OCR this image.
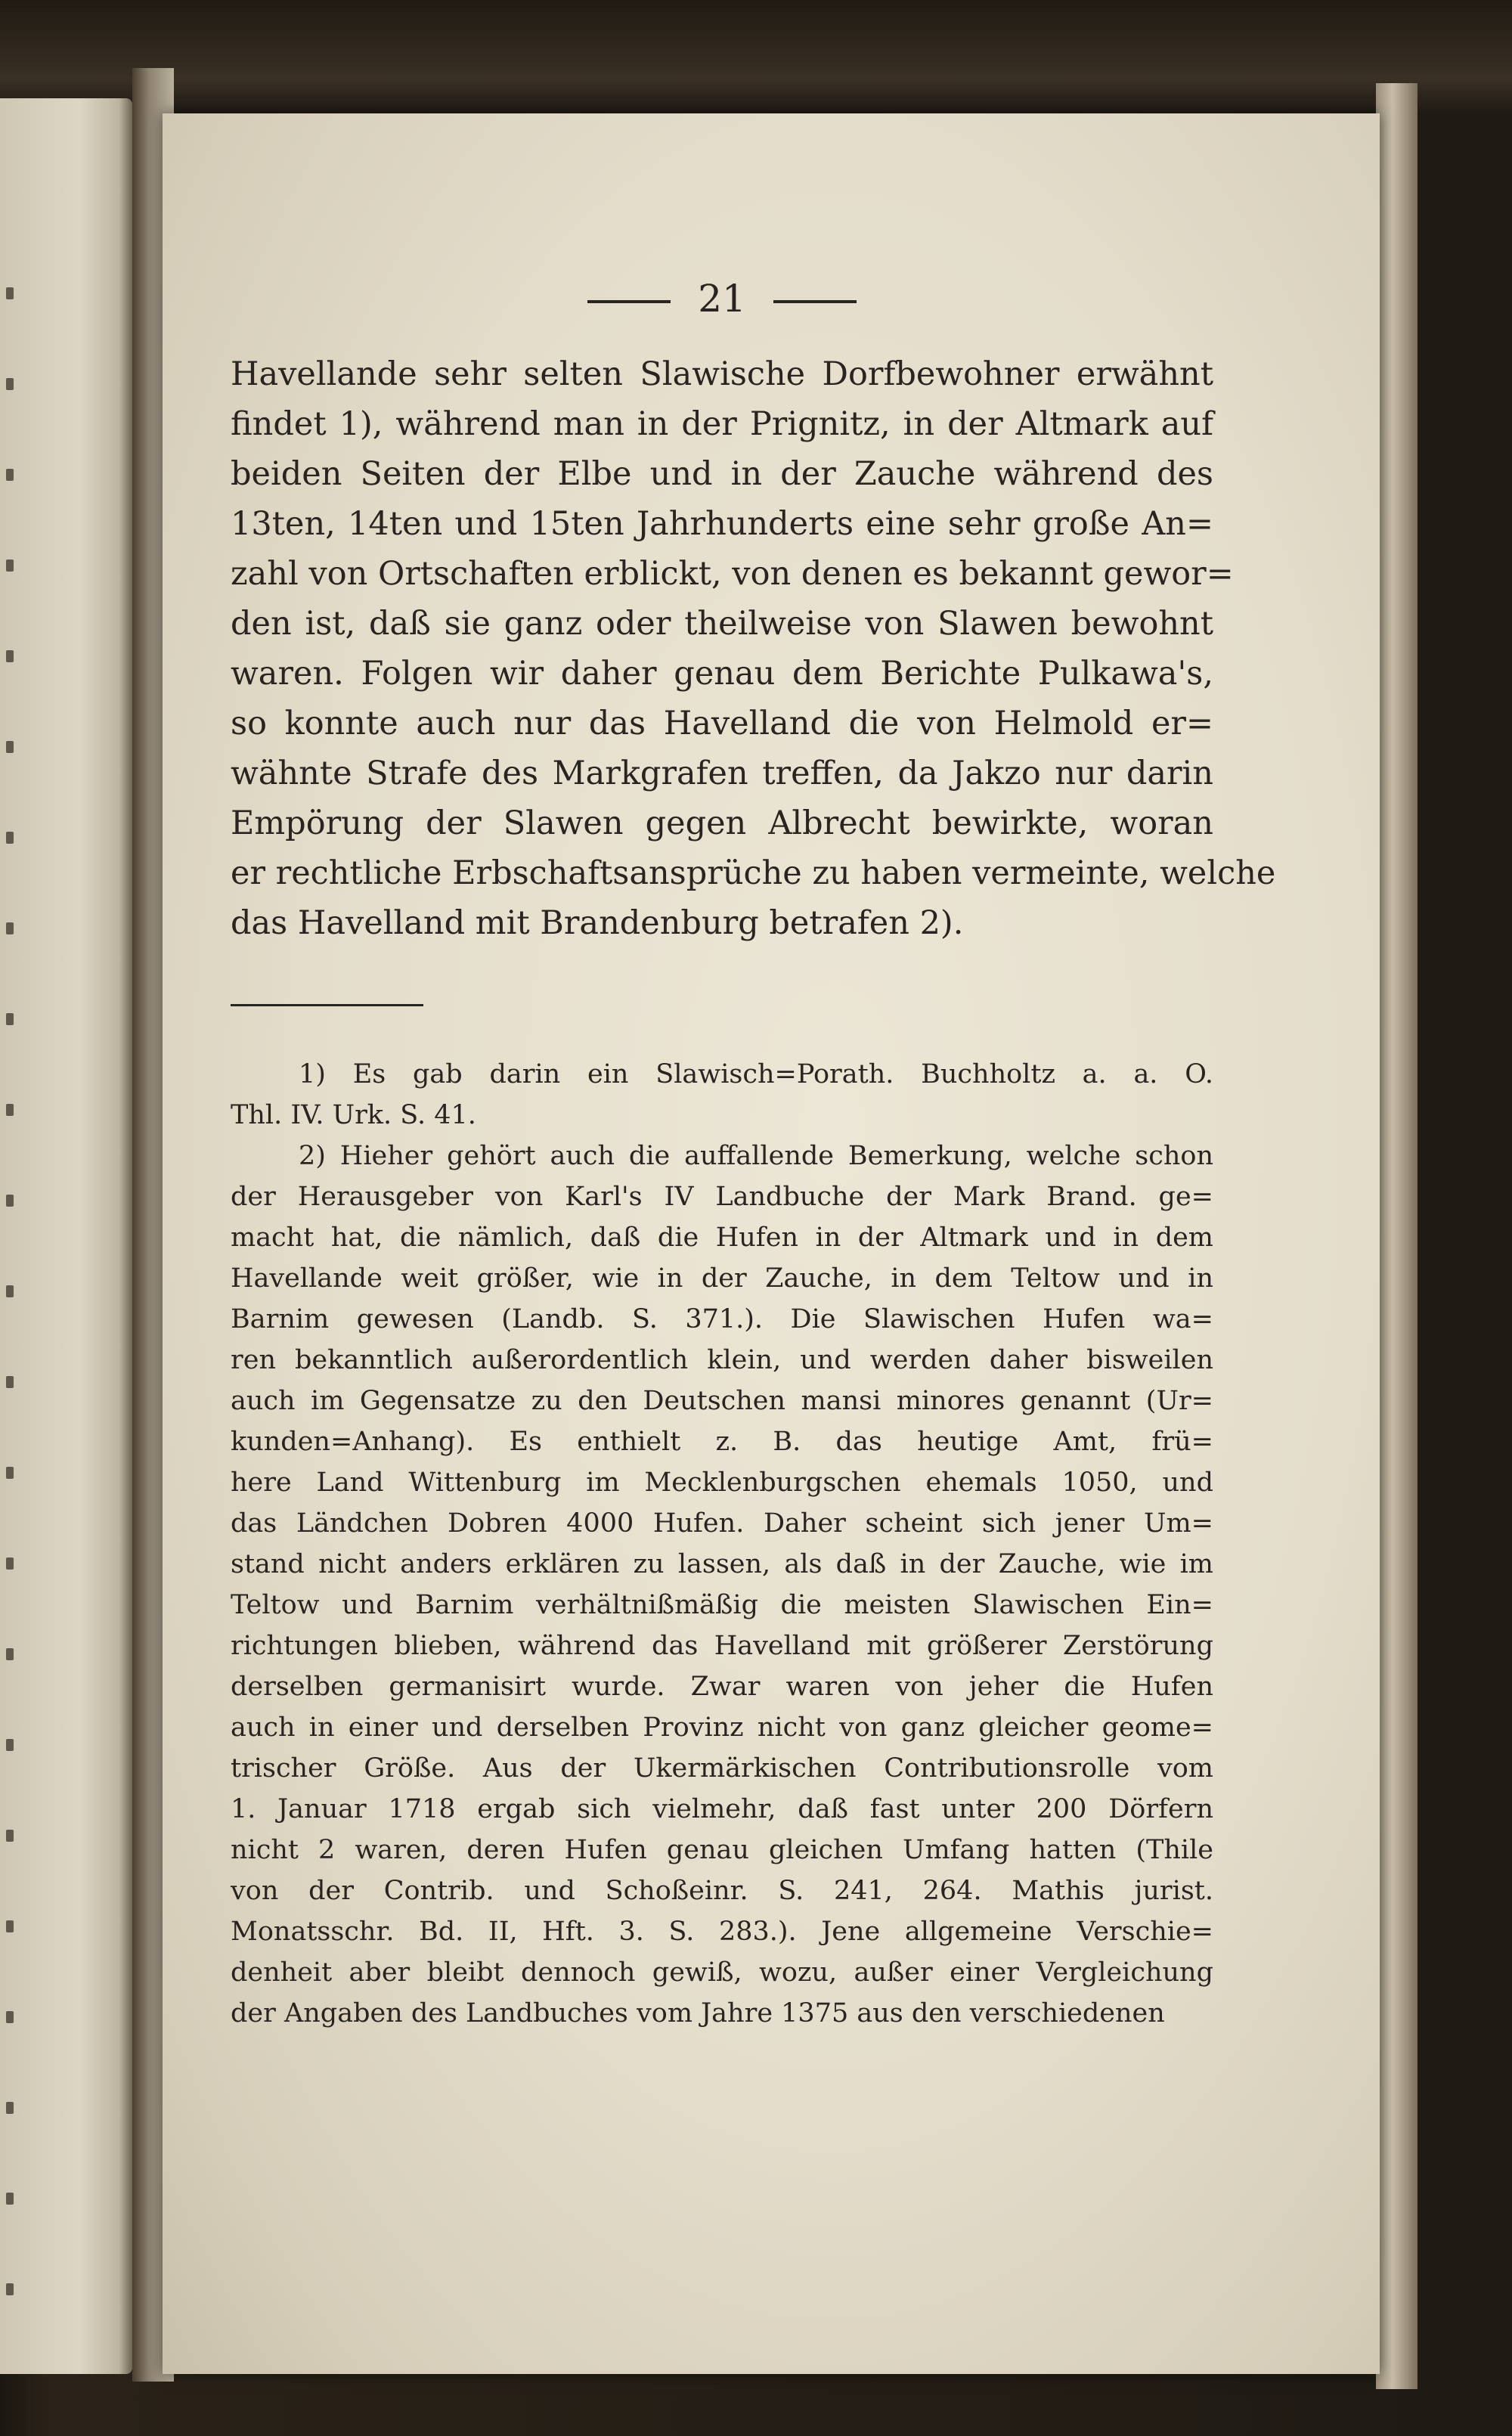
21
Havellande sehr selten Slawische Dorfbewohner erwähnt
findet 1), während man in der Prignitz, in der Altmark auf
beiden Seiten der Elbe und in der Zauche während des
13ten, 14ten und 15ten Jahrhunderts eine sehr große An=
zahl von Ortschaften erblickt, von denen es bekannt gewor=
den ist, daß sie ganz oder theilweise von Slawen bewohnt
waren. Folgen wir daher genau dem Berichte Pulkawa's,
so konnte auch nur das Havelland die von Helmold er=
wähnte Strafe des Markgrafen treffen, da Jakzo nur darin
Empörung der Slawen gegen Albrecht bewirkte, woran
er rechtliche Erbschaftsansprüche zu haben vermeinte, welche
das Havelland mit Brandenburg betrafen 2).
1) Es gab darin ein Slawisch=Porath. Buchholtz a. a. O.
Thl. IV. Urk. S. 41.
2) Hieher gehört auch die auffallende Bemerkung, welche schon
der Herausgeber von Karl's IV Landbuche der Mark Brand. ge=
macht hat, die nämlich, daß die Hufen in der Altmark und in dem
Havellande weit größer, wie in der Zauche, in dem Teltow und in
Barnim gewesen (Landb. S. 371.). Die Slawischen Hufen wa=
ren bekanntlich außerordentlich klein, und werden daher bisweilen
auch im Gegensatze zu den Deutschen mansi minores genannt (Ur=
kunden=Anhang). Es enthielt z. B. das heutige Amt, frü=
here Land Wittenburg im Mecklenburgschen ehemals 1050, und
das Ländchen Dobren 4000 Hufen. Daher scheint sich jener Um=
stand nicht anders erklären zu lassen, als daß in der Zauche, wie im
Teltow und Barnim verhältnißmäßig die meisten Slawischen Ein=
richtungen blieben, während das Havelland mit größerer Zerstörung
derselben germanisirt wurde. Zwar waren von jeher die Hufen
auch in einer und derselben Provinz nicht von ganz gleicher geome=
trischer Größe. Aus der Ukermärkischen Contributionsrolle vom
1. Januar 1718 ergab sich vielmehr, daß fast unter 200 Dörfern
nicht 2 waren, deren Hufen genau gleichen Umfang hatten (Thile
von der Contrib. und Schoßeinr. S. 241, 264. Mathis jurist.
Monatsschr. Bd. II, Hft. 3. S. 283.). Jene allgemeine Verschie=
denheit aber bleibt dennoch gewiß, wozu, außer einer Vergleichung
der Angaben des Landbuches vom Jahre 1375 aus den verschiedenen
